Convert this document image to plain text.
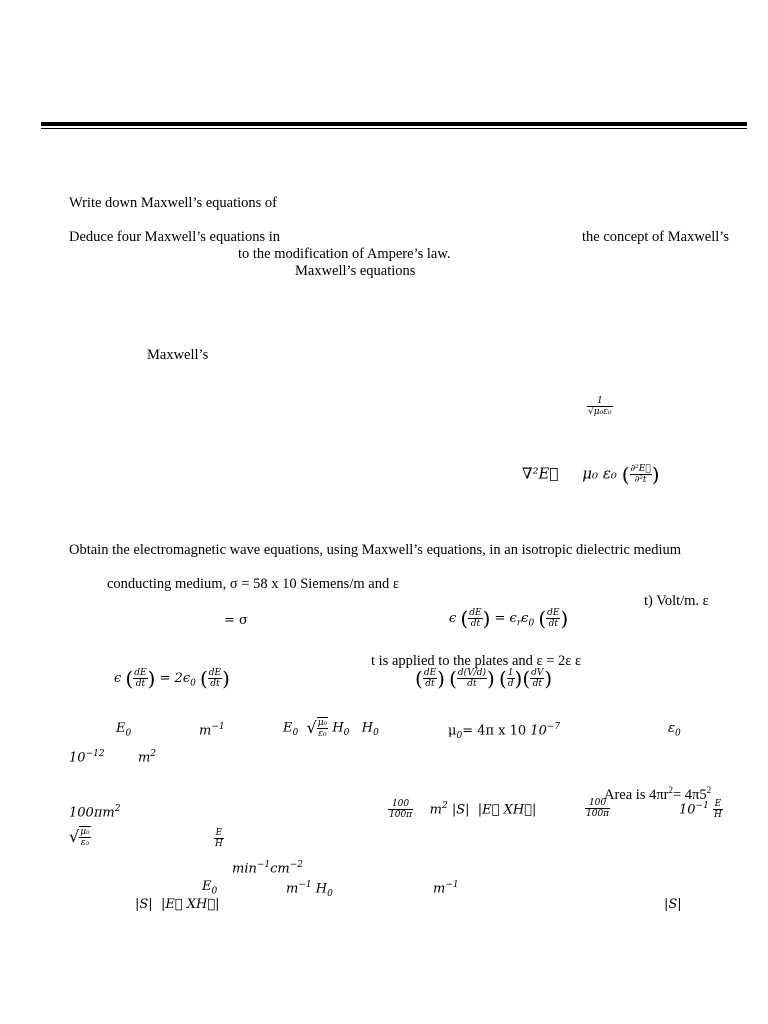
Write down Maxwell’s equations of
Deduce four Maxwell’s equations in	the concept of Maxwell’s
to the modification of Ampere’s law.
Maxwell’s equations
Maxwell’s
$\frac{1}{\text{√μ₀ε₀}}$
∇²E⃗ μ₀ ε₀ ( $\frac{\text{∂²E⃗}}{\text{∂²t}}$ )
Obtain the electromagnetic wave equations, using Maxwell’s equations, in an isotropic dielectric medium
conducting medium, σ = 58 x 10 Siemens/m and ε
t) Volt/m. ε
= σ	ϵ ( $\frac{dE}{dt}$ ) = $\epsilon_r\epsilon_0$ ( $\frac{dE}{dt}$ )
t is applied to the plates and ε = 2ε ε
ϵ ( $\frac{dE}{dt}$ ) = $2\epsilon_0$ ( $\frac{dE}{dt}$ )	( $\frac{dE}{dt}$ ) ( $\frac{d(V/d)}{dt}$ ) ( $\frac{1}{d}$ )( $\frac{dV}{dt}$ )
$E_0$	$m^{-1}$	$E_0$ √ $\frac{\text{μ₀}}{\text{ε₀}} H_0$ $H_0$	$\mu_0= 4\pi$ x 10 $10^{-7}$	$\varepsilon_0$
$10^{-12}$	$m^2$
Area is $4\pi r^2= 4\pi 5^2$
$100\pi m^2$	$\frac{100}{100\pi} m^2$ |S| |E⃗ XH⃗|	$\frac{100}{100\pi}$	$10^{-1} \frac{E}{H}$
√ $\frac{\text{μ₀}}{\text{ε₀}}$	$\frac{E}{H}$
$\min^{-1}cm^{-2}$
$E_0$	$m^{-1}$ $H_0$	$m^{-1}$
|S| |E⃗ XH⃗|	|S|
